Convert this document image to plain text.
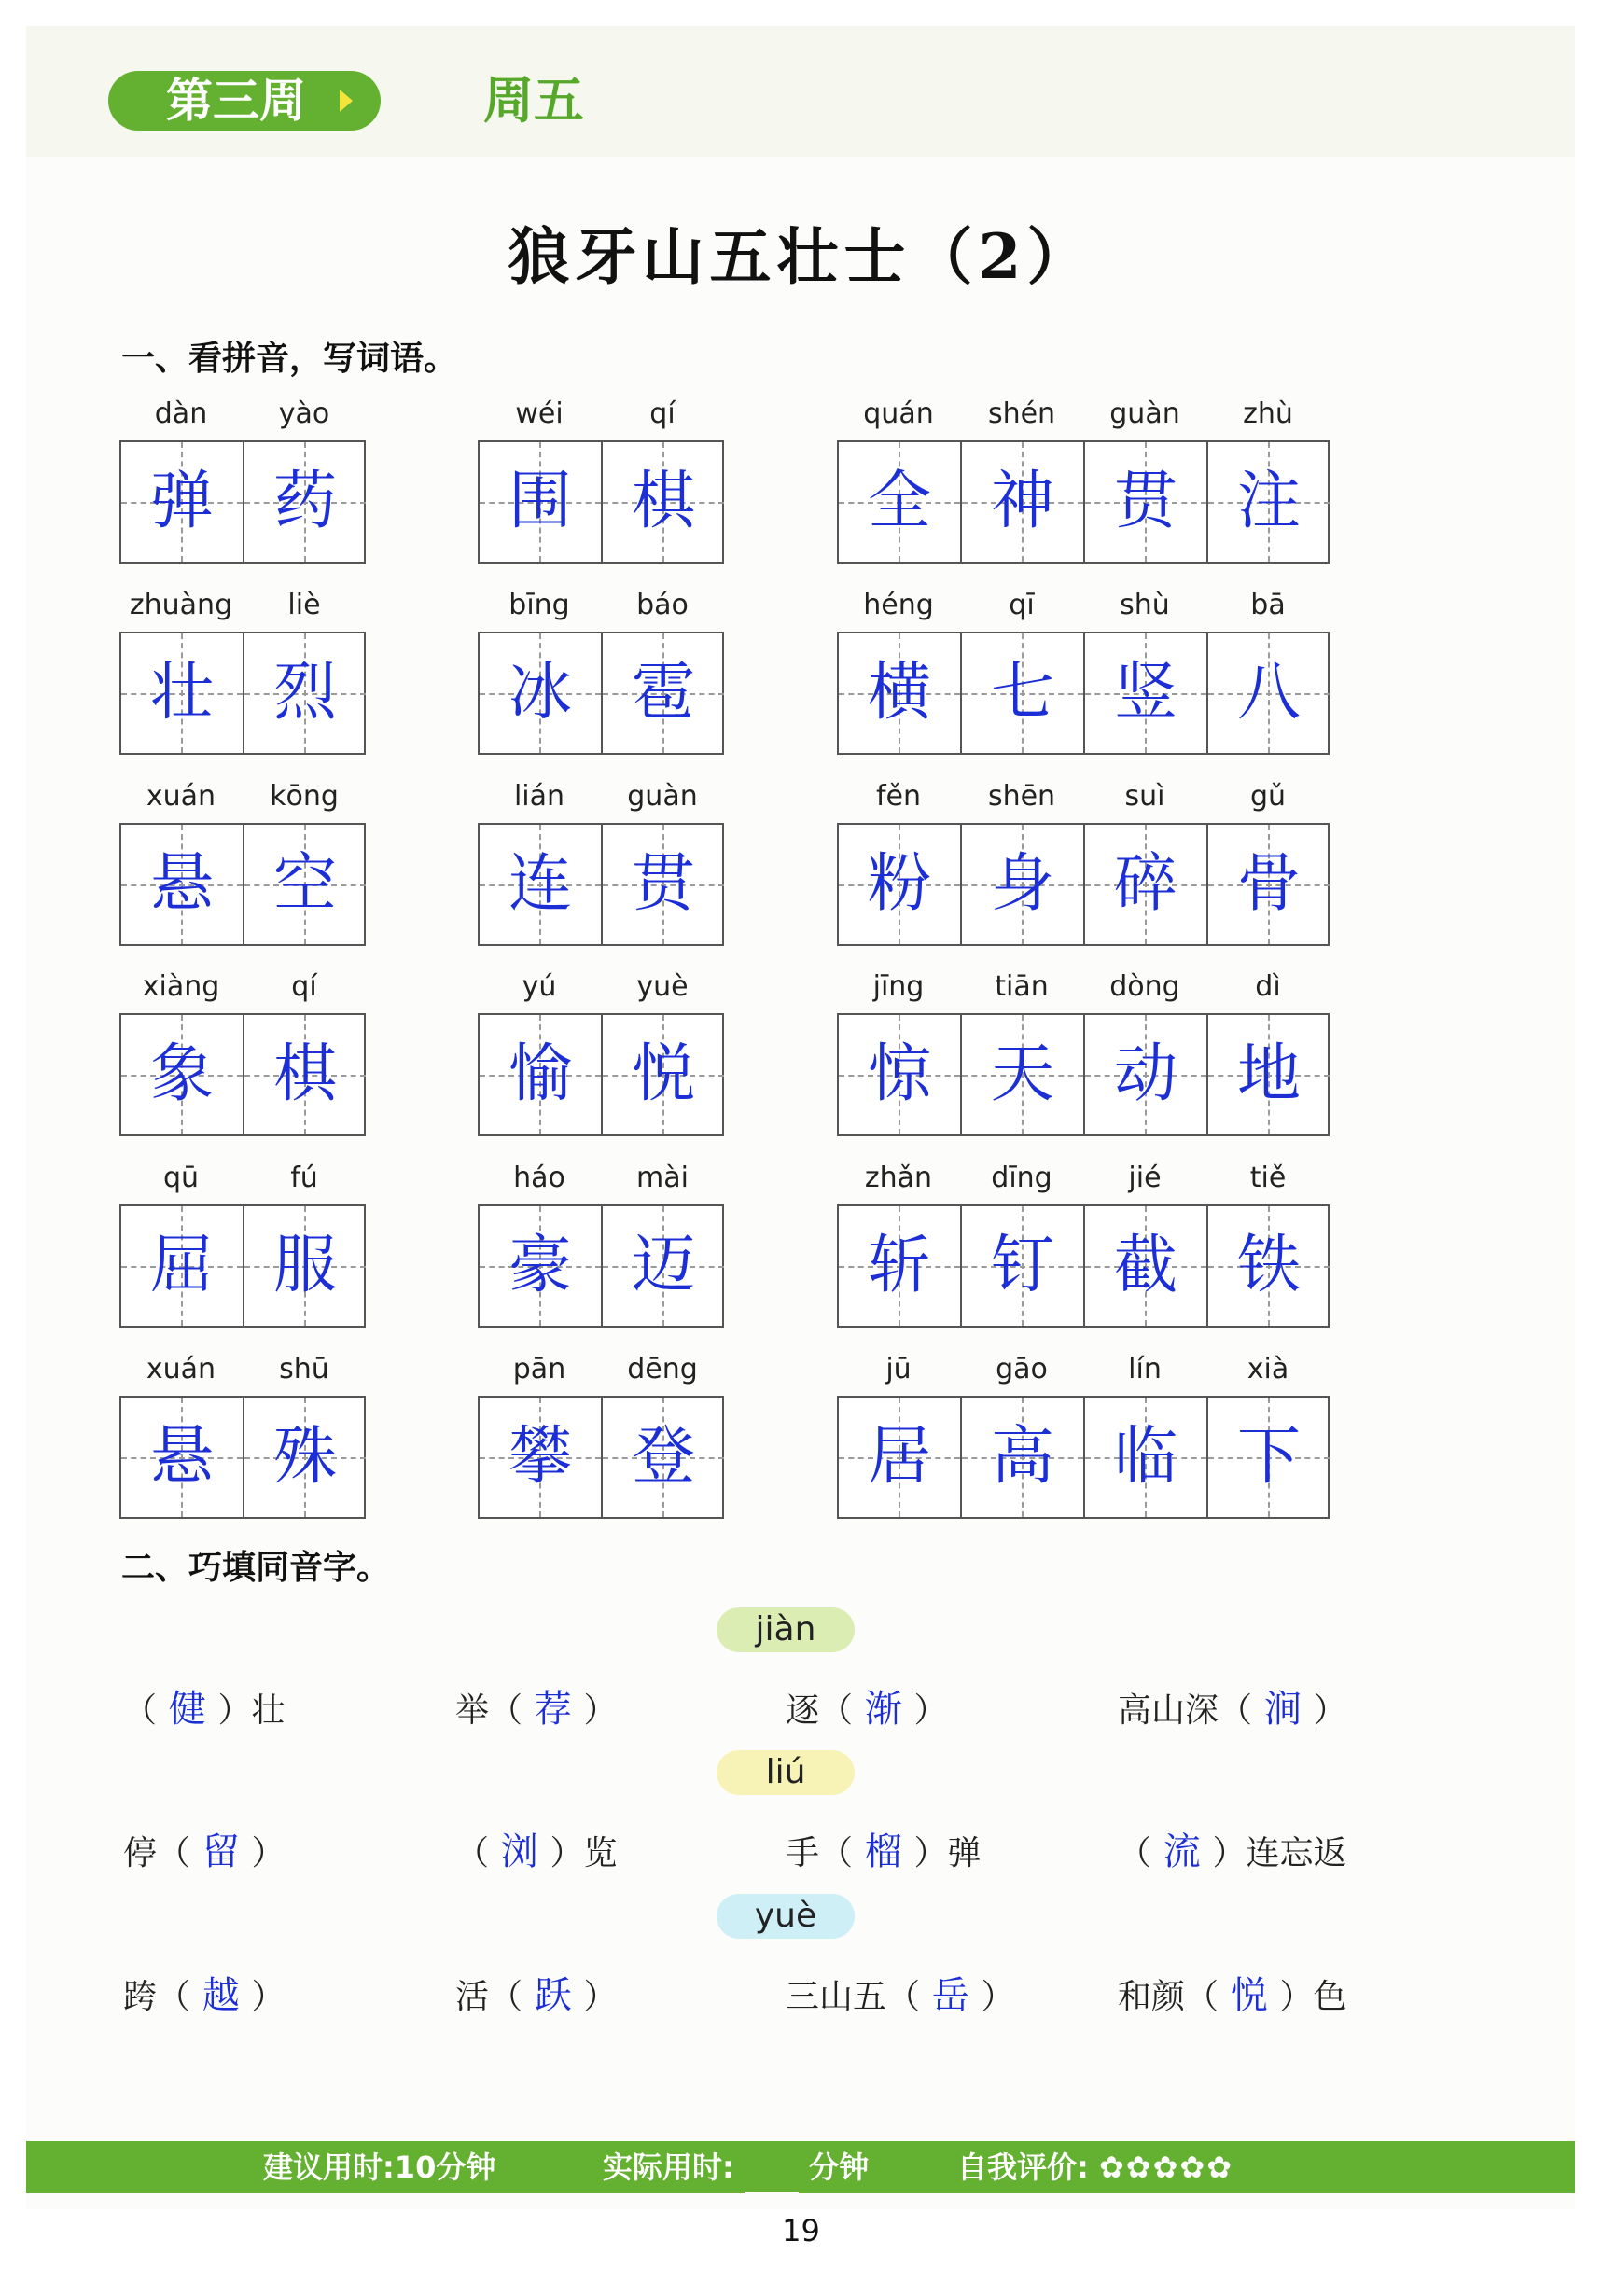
第三周	周五
狼牙山五壮士（2）
一、看拼音，写词语。
dàn	yào
弹 药
wéi	qí
围 棋
quán	shén	guàn	zhù
全 神 贯 注
zhuàng	liè
壮 烈
bīng	báo
冰 雹
héng	qī	shù	bā
横 七 竖 八
xuán	kōng
悬 空
lián	guàn
连 贯
fěn	shēn	suì	gǔ
粉 身 碎 骨
xiàng	qí
象 棋
yú	yuè
愉 悦
jīng	tiān	dòng	dì
惊 天 动 地
qū	fú
屈 服
háo	mài
豪 迈
zhǎn	dīng	jié	tiě
斩 钉 截 铁
xuán	shū
悬 殊
pān	dēng
攀 登
jū	gāo	lín	xià
居 高 临 下
二、巧填同音字。
jiàn
（ 健 ）壮	举（ 荐 ）	逐（ 渐 ）	高山深（ 涧 ）
liú
停（ 留 ）	（ 浏 ）览	手（ 榴 ）弹	（ 流 ）连忘返
yuè
跨（ 越 ）	活（ 跃 ）	三山五（ 岳 ）	和颜（ 悦 ）色
建议用时:10分钟	实际用时:	分钟	自我评价: ✿✿✿✿✿
19
